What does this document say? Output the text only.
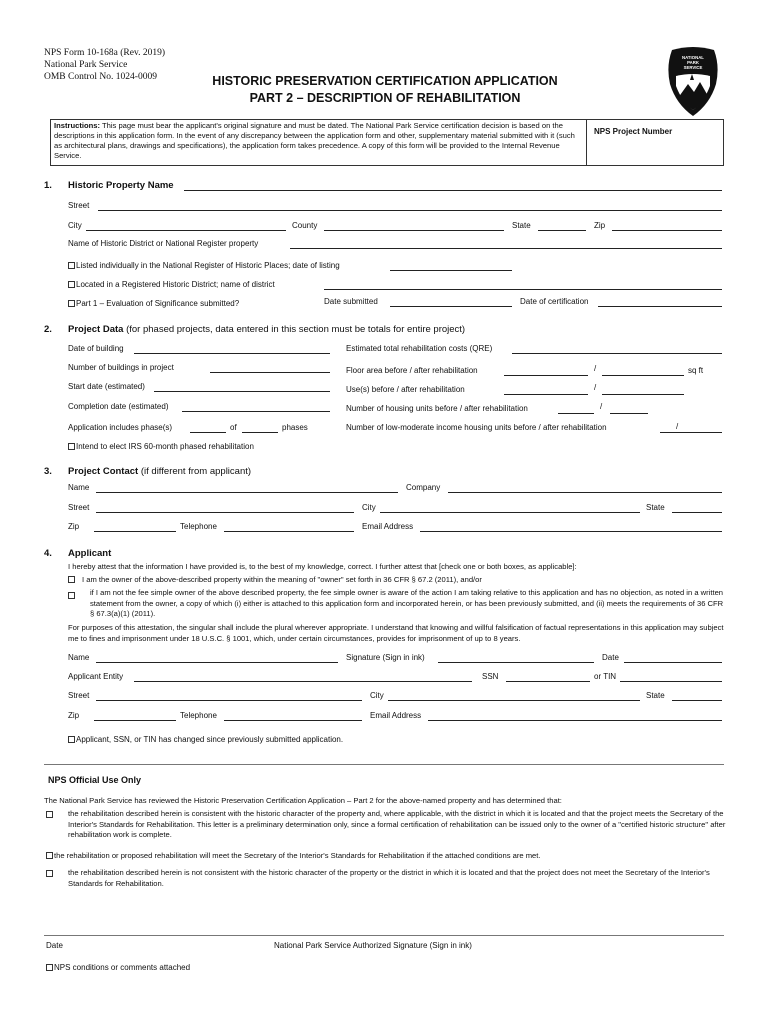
NPS Form 10-168a (Rev. 2019)
National Park Service
OMB Control No. 1024-0009	HISTORIC PRESERVATION CERTIFICATION APPLICATION
PART 2 – DESCRIPTION OF REHABILITATION
NATIONAL
PARK
SERVICE
Instructions: This page must bear the applicant's original signature and must be dated. The National Park Service certification decision is based on the descriptions in this application form. In the event of any discrepancy between the application form and other, supplementary material submitted with it (such as architectural plans, drawings and specifications), the application form takes precedence. A copy of this form will be provided to the Internal Revenue Service.
NPS Project Number
1. Historic Property Name
Street
City	County	State	Zip
Name of Historic District or National Register property
Listed individually in the National Register of Historic Places; date of listing
Located in a Registered Historic District; name of district
Part 1 – Evaluation of Significance submitted?	Date submitted	Date of certification
2. Project Data (for phased projects, data entered in this section must be totals for entire project)
Date of building	Estimated total rehabilitation costs (QRE)
Number of buildings in project	Floor area before / after rehabilitation	/	sq ft
Start date (estimated)	Use(s) before / after rehabilitation	/
Completion date (estimated)	Number of housing units before / after rehabilitation	/
Application includes phase(s)	of	phases	Number of low-moderate income housing units before / after rehabilitation	/
Intend to elect IRS 60-month phased rehabilitation
3. Project Contact (if different from applicant)
Name	Company
Street	City	State
Zip	Telephone	Email Address
4. Applicant
I hereby attest that the information I have provided is, to the best of my knowledge, correct. I further attest that [check one or both boxes, as applicable]:
I am the owner of the above-described property within the meaning of "owner" set forth in 36 CFR § 67.2 (2011), and/or
if I am not the fee simple owner of the above described property, the fee simple owner is aware of the action I am taking relative to this application and has no objection, as noted in a written statement from the owner, a copy of which (i) either is attached to this application form and incorporated herein, or has been previously submitted, and (ii) meets the requirements of 36 CFR § 67.3(a)(1) (2011).
For purposes of this attestation, the singular shall include the plural wherever appropriate. I understand that knowing and willful falsification of factual representations in this application may subject me to fines and imprisonment under 18 U.S.C. § 1001, which, under certain circumstances, provides for imprisonment of up to 8 years.
Name	Signature (Sign in ink)	Date
Applicant Entity	SSN	or TIN
Street	City	State
Zip	Telephone	Email Address
Applicant, SSN, or TIN has changed since previously submitted application.
NPS Official Use Only
The National Park Service has reviewed the Historic Preservation Certification Application – Part 2 for the above-named property and has determined that:
the rehabilitation described herein is consistent with the historic character of the property and, where applicable, with the district in which it is located and that the project meets the Secretary of the Interior's Standards for Rehabilitation. This letter is a preliminary determination only, since a formal certification of rehabilitation can be issued only to the owner of a "certified historic structure" after rehabilitation work is complete.
the rehabilitation or proposed rehabilitation will meet the Secretary of the Interior's Standards for Rehabilitation if the attached conditions are met.
the rehabilitation described herein is not consistent with the historic character of the property or the district in which it is located and that the project does not meet the Secretary of the Interior's Standards for Rehabilitation.
Date	National Park Service Authorized Signature (Sign in ink)
NPS conditions or comments attached
